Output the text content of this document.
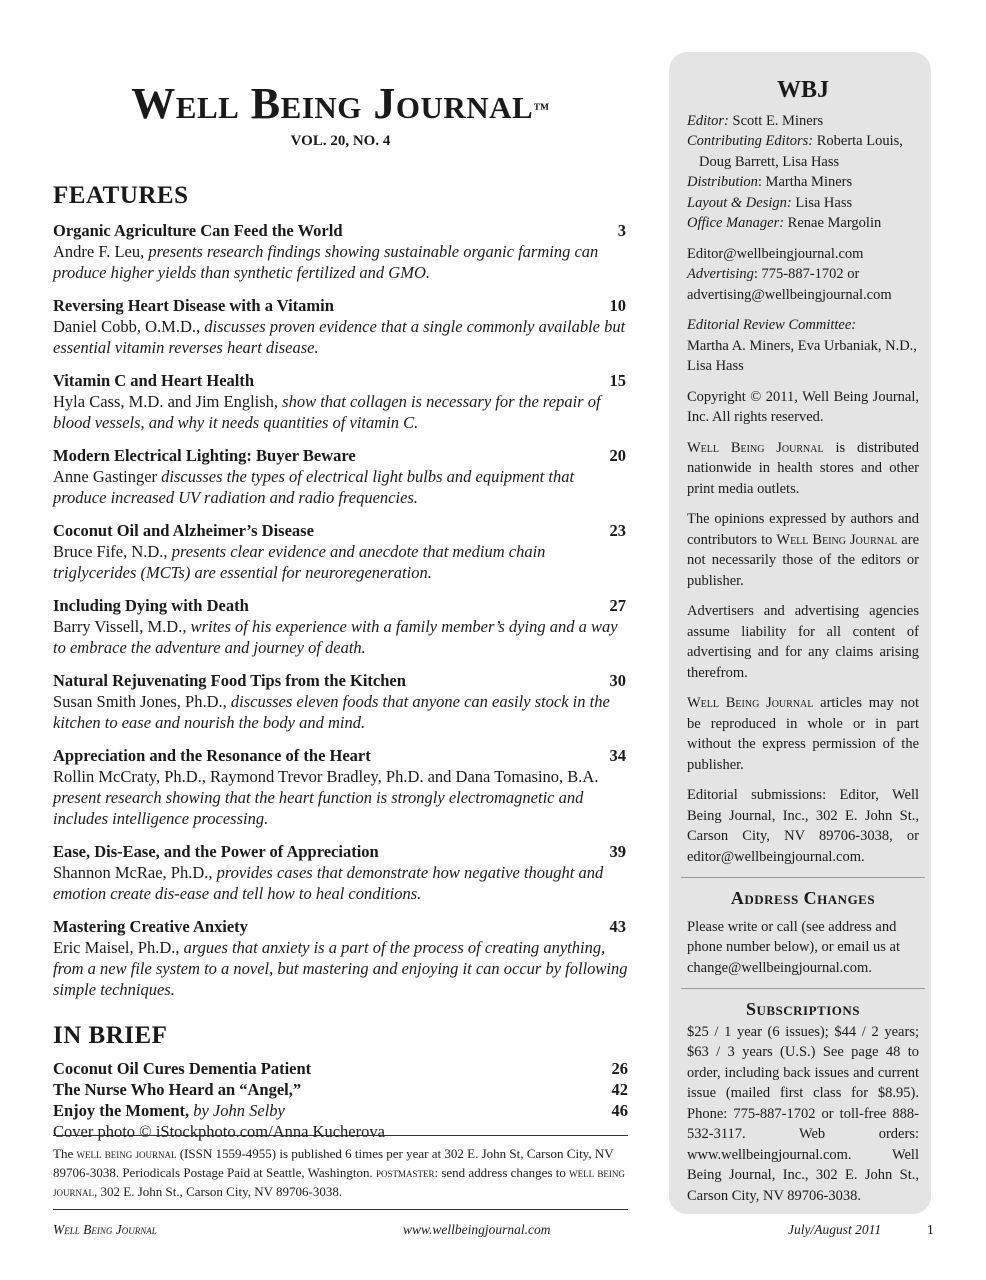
Well Being Journal™
VOL. 20, NO. 4
FEATURES
Organic Agriculture Can Feed the World	3
Andre F. Leu, presents research findings showing sustainable organic farming can produce higher yields than synthetic fertilized and GMO.
Reversing Heart Disease with a Vitamin	10
Daniel Cobb, O.M.D., discusses proven evidence that a single commonly available but essential vitamin reverses heart disease.
Vitamin C and Heart Health	15
Hyla Cass, M.D. and Jim English, show that collagen is necessary for the repair of blood vessels, and why it needs quantities of vitamin C.
Modern Electrical Lighting: Buyer Beware	20
Anne Gastinger discusses the types of electrical light bulbs and equipment that produce increased UV radiation and radio frequencies.
Coconut Oil and Alzheimer’s Disease	23
Bruce Fife, N.D., presents clear evidence and anecdote that medium chain triglycerides (MCTs) are essential for neuroregeneration.
Including Dying with Death	27
Barry Vissell, M.D., writes of his experience with a family member’s dying and a way to embrace the adventure and journey of death.
Natural Rejuvenating Food Tips from the Kitchen	30
Susan Smith Jones, Ph.D., discusses eleven foods that anyone can easily stock in the kitchen to ease and nourish the body and mind.
Appreciation and the Resonance of the Heart	34
Rollin McCraty, Ph.D., Raymond Trevor Bradley, Ph.D. and Dana Tomasino, B.A. present research showing that the heart function is strongly electromagnetic and includes intelligence processing.
Ease, Dis-Ease, and the Power of Appreciation	39
Shannon McRae, Ph.D., provides cases that demonstrate how negative thought and emotion create dis-ease and tell how to heal conditions.
Mastering Creative Anxiety	43
Eric Maisel, Ph.D., argues that anxiety is a part of the process of creating anything, from a new file system to a novel, but mastering and enjoying it can occur by following simple techniques.
IN BRIEF
Coconut Oil Cures Dementia Patient	26
The Nurse Who Heard an “Angel,”	42
Enjoy the Moment, by John Selby	46
Cover photo © iStockphoto.com/Anna Kucherova
The well being journal (ISSN 1559-4955) is published 6 times per year at 302 E. John St, Carson City, NV 89706-3038. Periodicals Postage Paid at Seattle, Washington. postmaster: send address changes to well being journal, 302 E. John St., Carson City, NV 89706-3038.
Well Being Journal	www.wellbeingjournal.com	July/August 2011	1
WBJ

Editor: Scott E. Miners
Contributing Editors: Roberta Louis,
Doug Barrett, Lisa Hass
Distribution: Martha Miners
Layout & Design: Lisa Hass
Office Manager: Renae Margolin

Editor@wellbeingjournal.com
Advertising: 775-887-1702 or
advertising@wellbeingjournal.com

Editorial Review Committee:
Martha A. Miners, Eva Urbaniak, N.D., Lisa Hass

Copyright © 2011, Well Being Journal, Inc. All rights reserved.

Well Being Journal is distributed nationwide in health stores and other print media outlets.

The opinions expressed by authors and contributors to Well Being Journal are not necessarily those of the editors or publisher.

Advertisers and advertising agencies assume liability for all content of advertising and for any claims arising therefrom.

Well Being Journal articles may not be reproduced in whole or in part without the express permission of the publisher.

Editorial submissions: Editor, Well Being Journal, Inc., 302 E. John St., Carson City, NV 89706-3038, or editor@wellbeingjournal.com.

Address Changes

Please write or call (see address and phone number below), or email us at change@wellbeingjournal.com.

Subscriptions

$25 / 1 year (6 issues); $44 / 2 years; $63 / 3 years (U.S.) See page 48 to order, including back issues and current issue (mailed first class for $8.95). Phone: 775-887-1702 or toll-free 888-532-3117. Web orders: www.wellbeingjournal.com. Well Being Journal, Inc., 302 E. John St., Carson City, NV 89706-3038.
